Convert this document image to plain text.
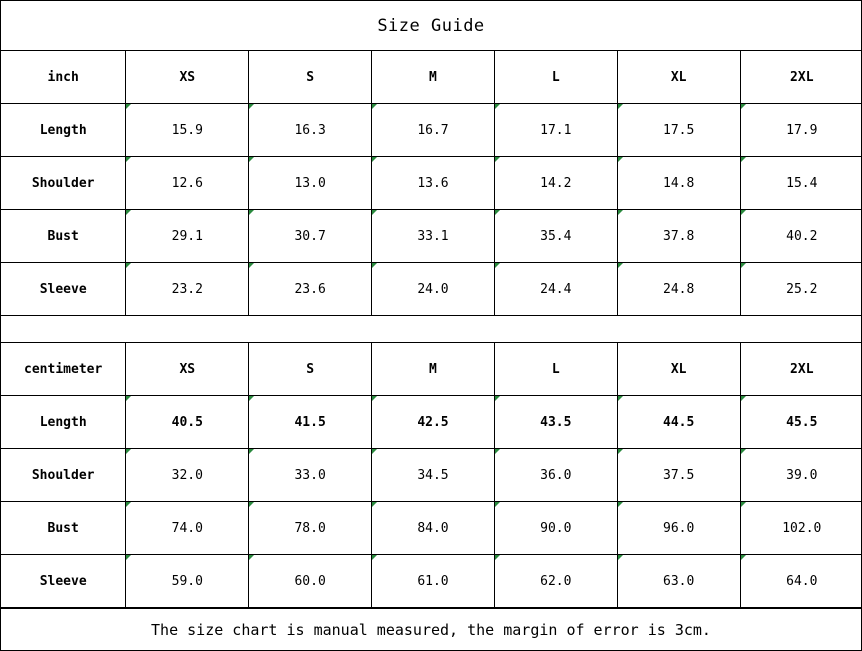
Size Guide
inch	XS	S	M	L	XL	2XL
Length	15.9	16.3	16.7	17.1	17.5	17.9
Shoulder	12.6	13.0	13.6	14.2	14.8	15.4
Bust	29.1	30.7	33.1	35.4	37.8	40.2
Sleeve	23.2	23.6	24.0	24.4	24.8	25.2
centimeter	XS	S	M	L	XL	2XL
Length	40.5	41.5	42.5	43.5	44.5	45.5
Shoulder	32.0	33.0	34.5	36.0	37.5	39.0
Bust	74.0	78.0	84.0	90.0	96.0	102.0
Sleeve	59.0	60.0	61.0	62.0	63.0	64.0
The size chart is manual measured, the margin of error is 3cm.
